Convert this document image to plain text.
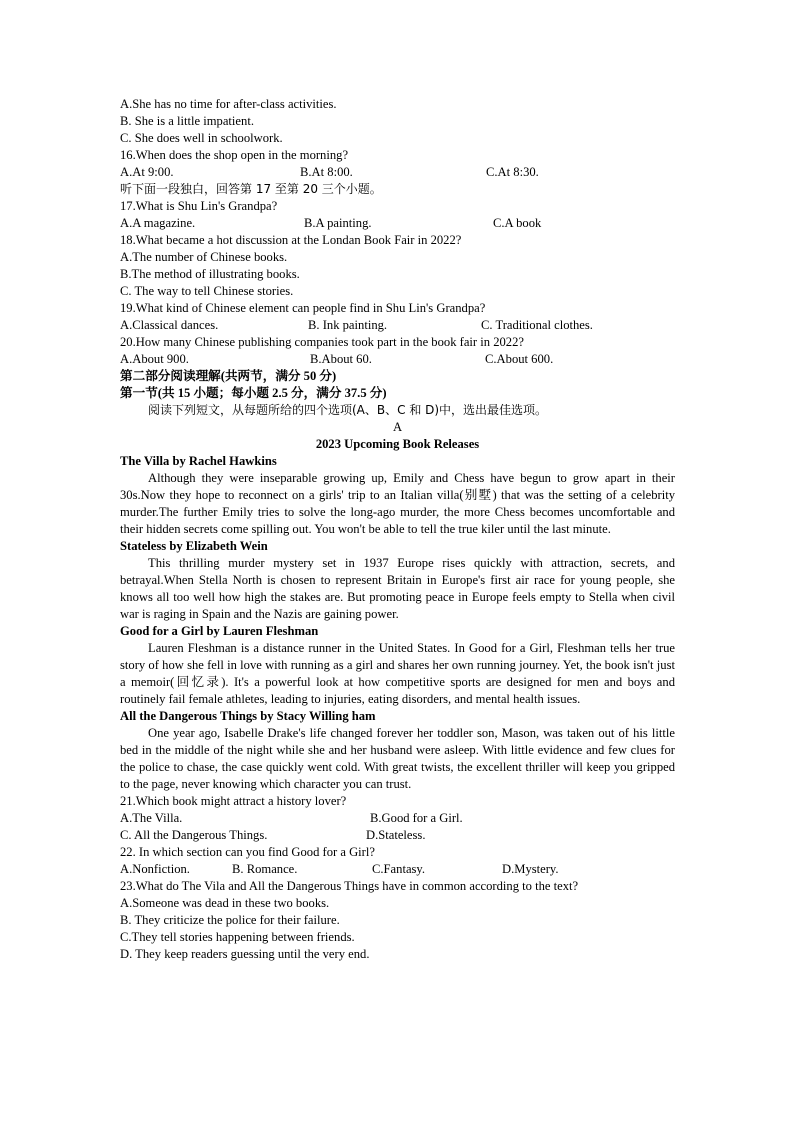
A.She has no time for after-class activities.
B. She is a little impatient.
C. She does well in schoolwork.
16.When does the shop open in the morning?
A.At 9:00.	B.At 8:00.	C.At 8:30.
听下面一段独白，回答第 17 至第 20 三个小题。
17.What is Shu Lin's Grandpa?
A.A magazine.	B.A painting.	C.A book
18.What became a hot discussion at the Londan Book Fair in 2022?
A.The number of Chinese books.
B.The method of illustrating books.
C. The way to tell Chinese stories.
19.What kind of Chinese element can people find in Shu Lin's Grandpa?
A.Classical dances.	B. Ink painting.	C. Traditional clothes.
20.How many Chinese publishing companies took part in the book fair in 2022?
A.About 900.	B.About 60.	C.About 600.
第二部分阅读理解(共两节，满分 50 分)
第一节(共 15 小题；每小题 2.5 分，满分 37.5 分)
阅读下列短文，从每题所给的四个选项(A、B、C 和 D)中，选出最佳选项。
A
2023 Upcoming Book Releases
The Villa by Rachel Hawkins
Although they were inseparable growing up, Emily and Chess have begun to grow apart in their 30s.Now they hope to reconnect on a girls' trip to an Italian villa(别墅) that was the setting of a celebrity murder.The further Emily tries to solve the long-ago murder, the more Chess becomes uncomfortable and their hidden secrets come spilling out. You won't be able to tell the true kiler until the last minute.
Stateless by Elizabeth Wein
This thrilling murder mystery set in 1937 Europe rises quickly with attraction, secrets, and betrayal.When Stella North is chosen to represent Britain in Europe's first air race for young people, she knows all too well how high the stakes are. But promoting peace in Europe feels empty to Stella when civil war is raging in Spain and the Nazis are gaining power.
Good for a Girl by Lauren Fleshman
Lauren Fleshman is a distance runner in the United States. In Good for a Girl, Fleshman tells her true story of how she fell in love with running as a girl and shares her own running journey. Yet, the book isn't just a memoir(回忆录). It's a powerful look at how competitive sports are designed for men and boys and routinely fail female athletes, leading to injuries, eating disorders, and mental health issues.
All the Dangerous Things by Stacy Willing ham
One year ago, Isabelle Drake's life changed forever her toddler son, Mason, was taken out of his little bed in the middle of the night while she and her husband were asleep. With little evidence and few clues for the police to chase, the case quickly went cold. With great twists, the excellent thriller will keep you gripped to the page, never knowing which character you can trust.
21.Which book might attract a history lover?
A.The Villa.	B.Good for a Girl.
C. All the Dangerous Things.	D.Stateless.
22. In which section can you find Good for a Girl?
A.Nonfiction.	B. Romance.	C.Fantasy.	D.Mystery.
23.What do The Vila and All the Dangerous Things have in common according to the text?
A.Someone was dead in these two books.
B. They criticize the police for their failure.
C.They tell stories happening between friends.
D. They keep readers guessing until the very end.
